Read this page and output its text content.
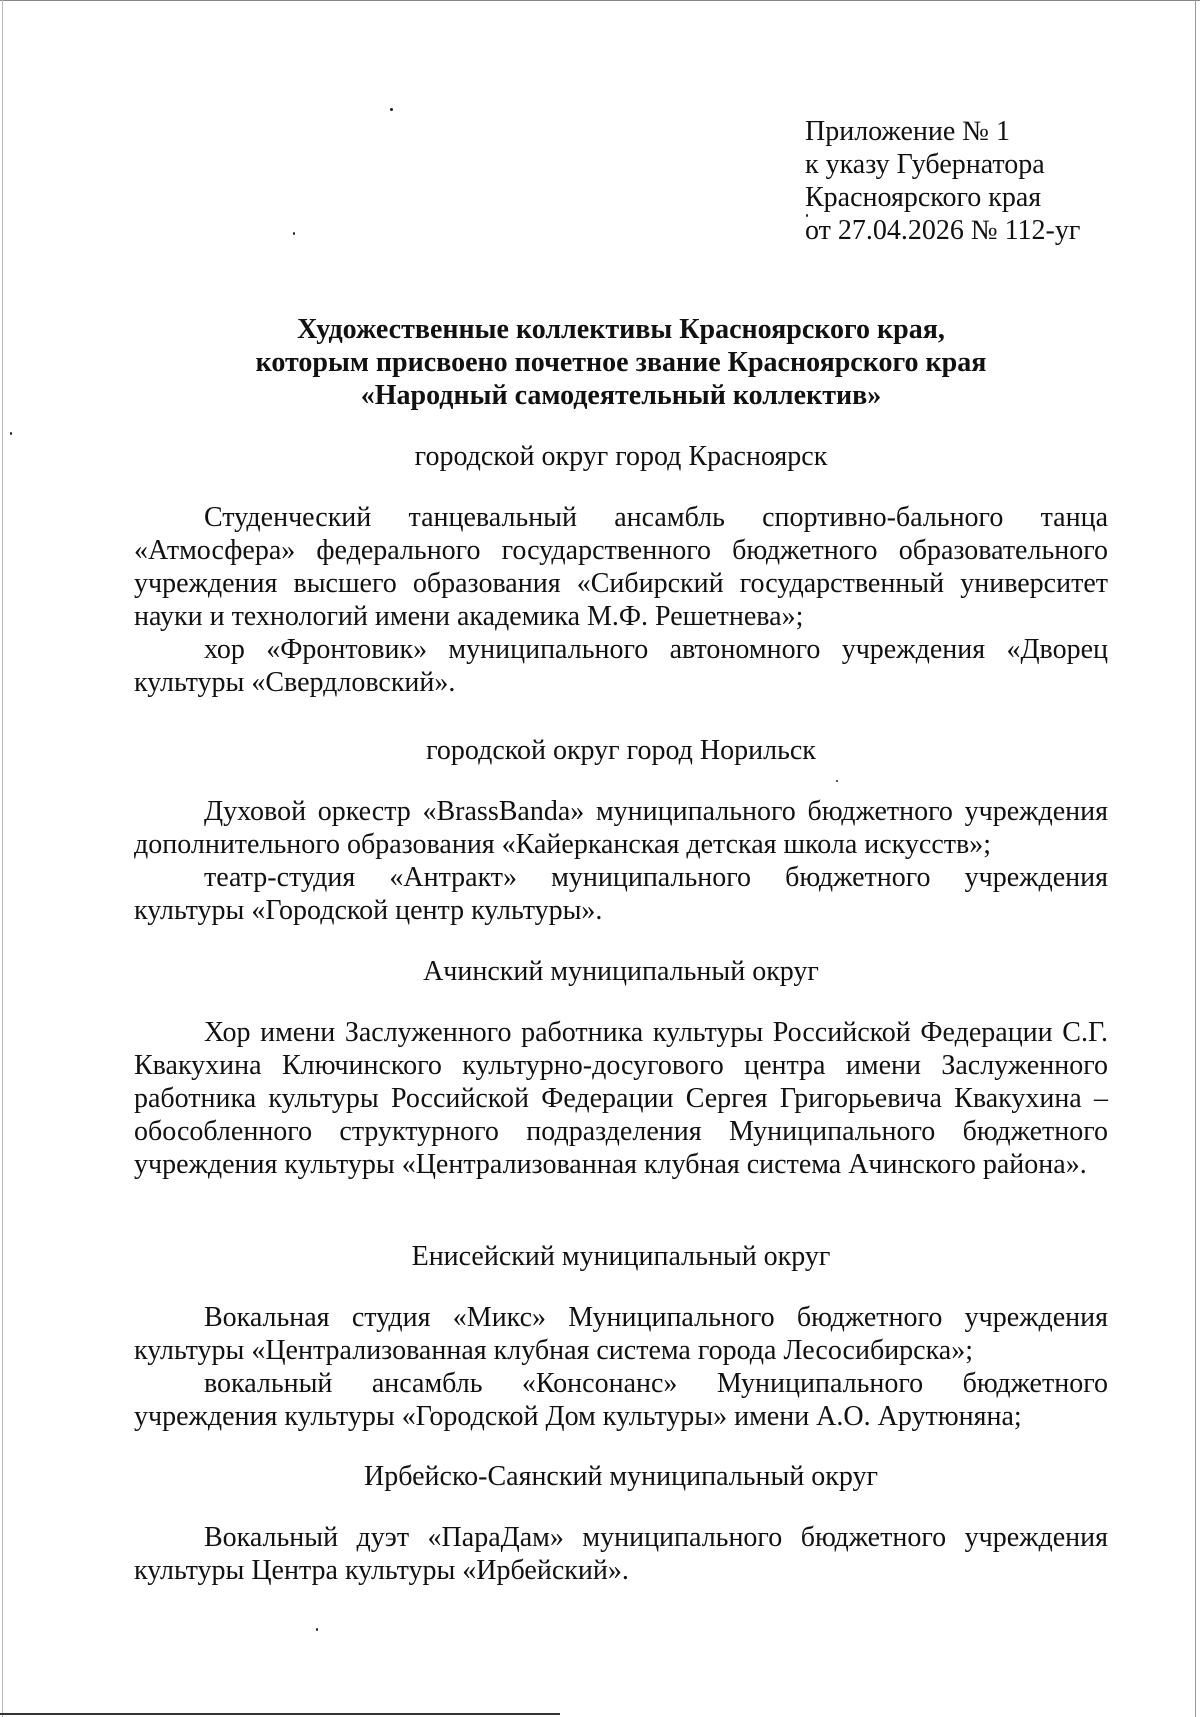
Приложение № 1
к указу Губернатора
Красноярского края
от 27.04.2026 № 112-уг
Художественные коллективы Красноярского края,
которым присвоено почетное звание Красноярского края
«Народный самодеятельный коллектив»
городской округ город Красноярск

Студенческий танцевальный ансамбль спортивно-бального танца «Атмосфера» федерального государственного бюджетного образовательного учреждения высшего образования «Сибирский государственный университет науки и технологий имени академика М.Ф. Решетнева»;

хор «Фронтовик» муниципального автономного учреждения «Дворец культуры «Свердловский».

городской округ город Норильск

Духовой оркестр «BrassBanda» муниципального бюджетного учреждения дополнительного образования «Кайерканская детская школа искусств»;

театр-студия «Антракт» муниципального бюджетного учреждения культуры «Городской центр культуры».

Ачинский муниципальный округ

Хор имени Заслуженного работника культуры Российской Федерации С.Г. Квакухина Ключинского культурно-досугового центра имени Заслуженного работника культуры Российской Федерации Сергея Григорьевича Квакухина – обособленного структурного подразделения Муниципального бюджетного учреждения культуры «Централизованная клубная система Ачинского района».

Енисейский муниципальный округ

Вокальная студия «Микс» Муниципального бюджетного учреждения культуры «Централизованная клубная система города Лесосибирска»;

вокальный ансамбль «Консонанс» Муниципального бюджетного учреждения культуры «Городской Дом культуры» имени А.О. Арутюняна;

Ирбейско-Саянский муниципальный округ

Вокальный дуэт «ПараДам» муниципального бюджетного учреждения культуры Центра культуры «Ирбейский».
